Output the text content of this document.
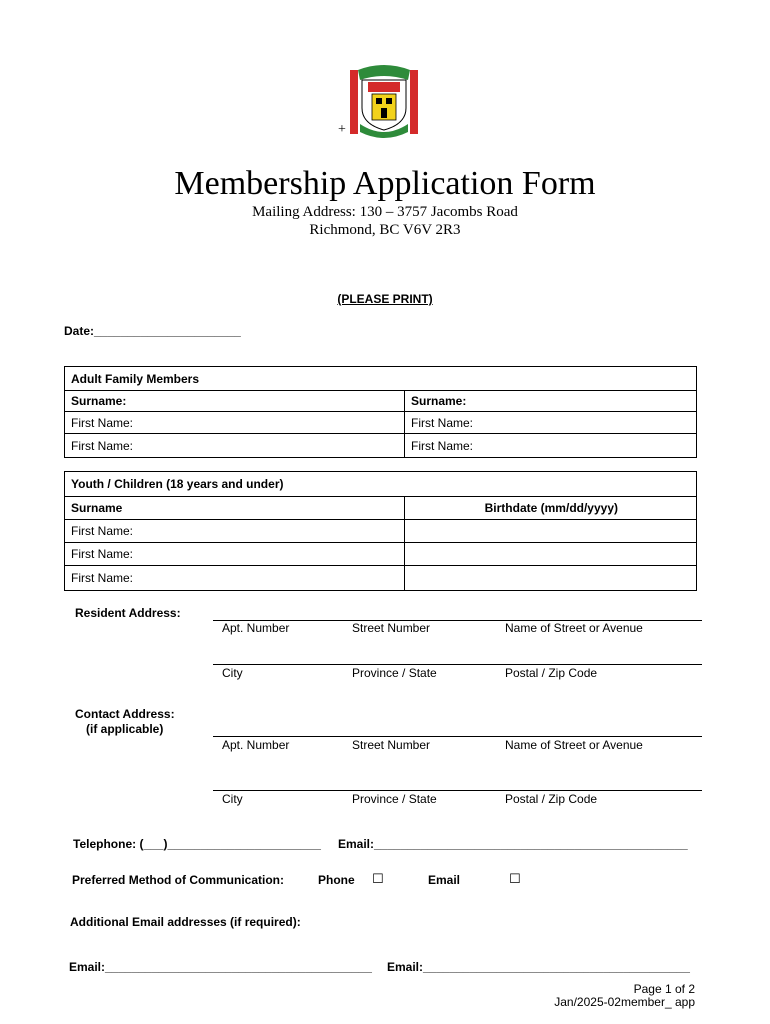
+
Membership Application Form
Mailing Address: 130 – 3757 Jacombs Road
Richmond, BC V6V 2R3
(PLEASE PRINT)
Date:______________________
Adult Family Members	
Surname:	Surname:
First Name:	First Name:
First Name:	First Name:
Youth / Children (18 years and under)	
Surname	Birthdate (mm/dd/yyyy)
First Name:	
First Name:	
First Name:	
Resident Address:
Apt. Number	Street Number	Name of Street or Avenue
City	Province / State	Postal / Zip Code
Contact Address:
(if applicable)
Apt. Number	Street Number	Name of Street or Avenue
City	Province / State	Postal / Zip Code
Telephone: (___)_______________________	Email:_______________________________________________
Preferred Method of Communication:	Phone ☐	Email	☐
Additional Email addresses (if required):
Email:________________________________________	Email:________________________________________
Page 1 of 2
Jan/2025-02member_ app
